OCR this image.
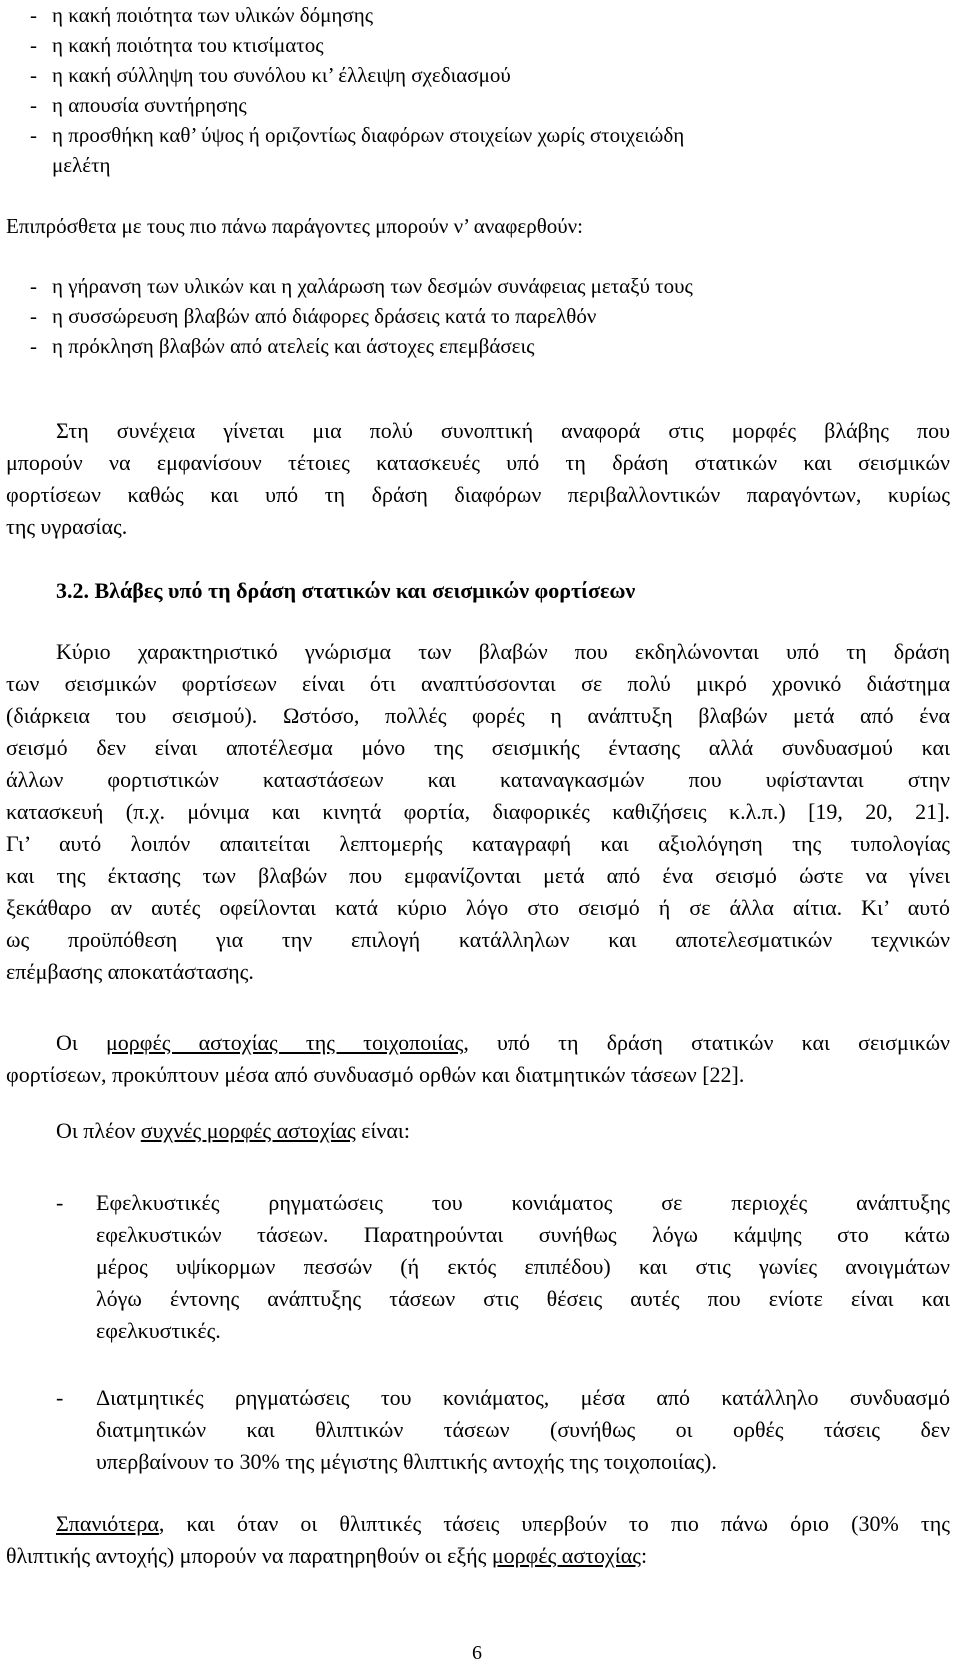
-
η κακή ποιότητα των υλικών δόμησης
-
η κακή ποιότητα του κτισίματος
-
η κακή σύλληψη του συνόλου κι’ έλλειψη σχεδιασμού
-
η απουσία συντήρησης
-
η προσθήκη καθ’ ύψος ή οριζοντίως διαφόρων στοιχείων χωρίς στοιχειώδη
μελέτη
Επιπρόσθετα με τους πιο πάνω παράγοντες μπορούν ν’ αναφερθούν:
-
η γήρανση των υλικών και η χαλάρωση των δεσμών συνάφειας μεταξύ τους
-
η συσσώρευση βλαβών από διάφορες δράσεις κατά το παρελθόν
-
η πρόκληση βλαβών από ατελείς και άστοχες επεμβάσεις
Στη συνέχεια γίνεται μια πολύ συνοπτική αναφορά στις μορφές βλάβης που
μπορούν να εμφανίσουν τέτοιες κατασκευές υπό τη δράση στατικών και σεισμικών
φορτίσεων καθώς και υπό τη δράση διαφόρων περιβαλλοντικών παραγόντων, κυρίως
της υγρασίας.
3.2. Βλάβες υπό τη δράση στατικών και σεισμικών φορτίσεων
Κύριο χαρακτηριστικό γνώρισμα των βλαβών που εκδηλώνονται υπό τη δράση
των σεισμικών φορτίσεων είναι ότι αναπτύσσονται σε πολύ μικρό χρονικό διάστημα
(διάρκεια του σεισμού). Ωστόσο, πολλές φορές η ανάπτυξη βλαβών μετά από ένα
σεισμό δεν είναι αποτέλεσμα μόνο της σεισμικής έντασης αλλά συνδυασμού και
άλλων φορτιστικών καταστάσεων και καταναγκασμών που υφίστανται στην
κατασκευή (π.χ. μόνιμα και κινητά φορτία, διαφορικές καθιζήσεις κ.λ.π.) [19, 20, 21].
Γι’ αυτό λοιπόν απαιτείται λεπτομερής καταγραφή και αξιολόγηση της τυπολογίας
και της έκτασης των βλαβών που εμφανίζονται μετά από ένα σεισμό ώστε να γίνει
ξεκάθαρο αν αυτές οφείλονται κατά κύριο λόγο στο σεισμό ή σε άλλα αίτια. Κι’ αυτό
ως προϋπόθεση για την επιλογή κατάλληλων και αποτελεσματικών τεχνικών
επέμβασης αποκατάστασης.
Οι μορφές αστοχίας της τοιχοποιίας, υπό τη δράση στατικών και σεισμικών
φορτίσεων, προκύπτουν μέσα από συνδυασμό ορθών και διατμητικών τάσεων [22].
Οι πλέον συχνές μορφές αστοχίας είναι:
-
Εφελκυστικές ρηγματώσεις του κονιάματος σε περιοχές ανάπτυξης
εφελκυστικών τάσεων. Παρατηρούνται συνήθως λόγω κάμψης στο κάτω
μέρος υψίκορμων πεσσών (ή εκτός επιπέδου) και στις γωνίες ανοιγμάτων
λόγω έντονης ανάπτυξης τάσεων στις θέσεις αυτές που ενίοτε είναι και
εφελκυστικές.
-
Διατμητικές ρηγματώσεις του κονιάματος, μέσα από κατάλληλο συνδυασμό
διατμητικών και θλιπτικών τάσεων (συνήθως οι ορθές τάσεις δεν
υπερβαίνουν το 30% της μέγιστης θλιπτικής αντοχής της τοιχοποιίας).
Σπανιότερα, και όταν οι θλιπτικές τάσεις υπερβούν το πιο πάνω όριο (30% της
θλιπτικής αντοχής) μπορούν να παρατηρηθούν οι εξής μορφές αστοχίας:
6
